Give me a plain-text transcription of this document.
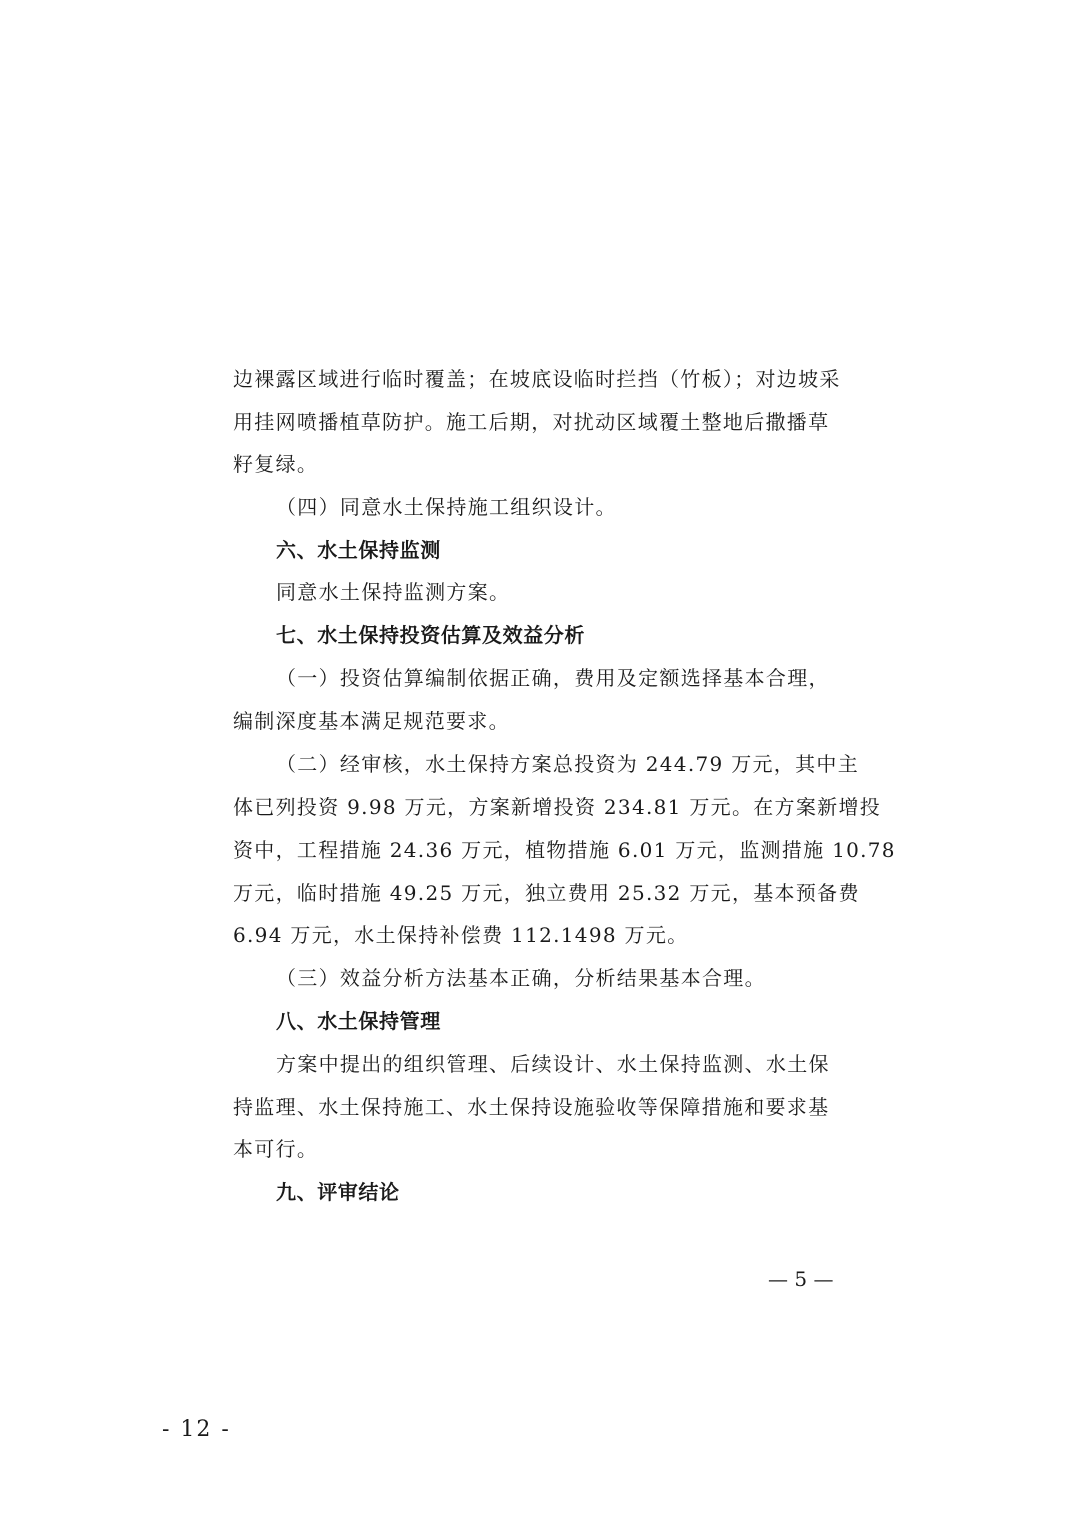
边裸露区域进行临时覆盖；在坡底设临时拦挡（竹板）；对边坡采
用挂网喷播植草防护。施工后期，对扰动区域覆土整地后撒播草
籽复绿。
（四）同意水土保持施工组织设计。
六、水土保持监测
同意水土保持监测方案。
七、水土保持投资估算及效益分析
（一）投资估算编制依据正确，费用及定额选择基本合理，
编制深度基本满足规范要求。
（二）经审核，水土保持方案总投资为 244.79 万元，其中主
体已列投资 9.98 万元，方案新增投资 234.81 万元。在方案新增投
资中，工程措施 24.36 万元，植物措施 6.01 万元，监测措施 10.78
万元，临时措施 49.25 万元，独立费用 25.32 万元，基本预备费
6.94 万元，水土保持补偿费 112.1498 万元。
（三）效益分析方法基本正确，分析结果基本合理。
八、水土保持管理
方案中提出的组织管理、后续设计、水土保持监测、水土保
持监理、水土保持施工、水土保持设施验收等保障措施和要求基
本可行。
九、评审结论
— 5 —
- 12 -
